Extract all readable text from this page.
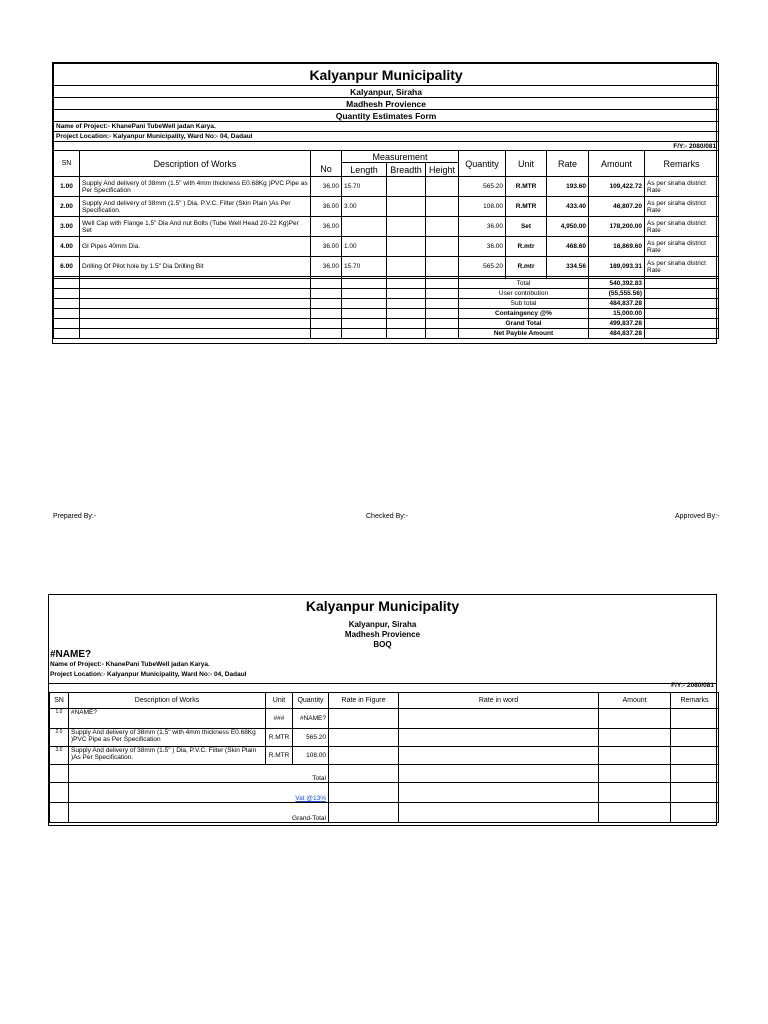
Kalyanpur Municipality										
Kalyanpur, Siraha										
Madhesh Provience										
Quantity Estimates Form										
Name of Project:- KhanePani TubeWell jadan Karya.										
Project Location:- Kalyanpur Municipality, Ward No:- 04, Dadaul										
F/Y:- 2080/081										
SN	Description of Works		Measurement			Quantity	Unit	Rate	Amount	Remarks
		No	Length	Breadth	Height					
1.00	Supply And delivery of 38mm (1.5" with 4mm thickness E0.68Kg )PVC Pipe as Per Specification	36.00	15.70			565.20	R.MTR	193.60	109,422.72	As per siraha district Rate
2.00	Supply And delivery of 38mm (1.5" ) Dia, P.V.C. Filter (Skin Plain )As Per Specification.	36.00	3.00			108.00	R.MTR	433.40	46,807.20	As per siraha district Rate
3.00	Well Cap with Flange 1.5" Dia And nut Bolts (Tube Well Head 20-22 Kg)Per Set	36.00				36.00	Set	4,950.00	178,200.00	As per siraha district Rate
4.00	GI Pipes 40mm Dia.	36.00	1.00			36.00	R.mtr	468.60	16,869.60	As per siraha district Rate
6.00	Drilling Of Pilot hole by 1.5" Dia Drilling Bit	36.00	15.70			565.20	R.mtr	334.56	189,093.31	As per siraha district Rate

						Total			540,392.83	
						User contribution			(55,555.56)	
						Sub total			484,837.28	
						Containgency @%			15,000.00	
						Grand Total			499,837.28	
						Net Payble Amount			484,837.28	
Prepared By:-	Checked By:-	Approved By:-
Kalyanpur Municipality
Kalyanpur, Siraha
Madhesh Provience
BOQ
#NAME?
Name of Project:- KhanePani TubeWell jadan Karya.
Project Location:- Kalyanpur Municipality, Ward No:- 04, Dadaul
F/Y:- 2080/081
SN	Description of Works	Unit	Quantity	Rate in Figure	Rate in word	Amount	Remarks
1.0	#NAME?	###	#NAME?				
2.0	Supply And delivery of 38mm (1.5" with 4mm thickness E0.68Kg )PVC Pipe as Per Specification	R.MTR	565.20				
3.0	Supply And delivery of 38mm (1.5" ) Dia, P.V.C. Filter (Skin Plain )As Per Specification.	R.MTR	108.00				
	Total						
	Vat @13%						
	Grand-Total						
